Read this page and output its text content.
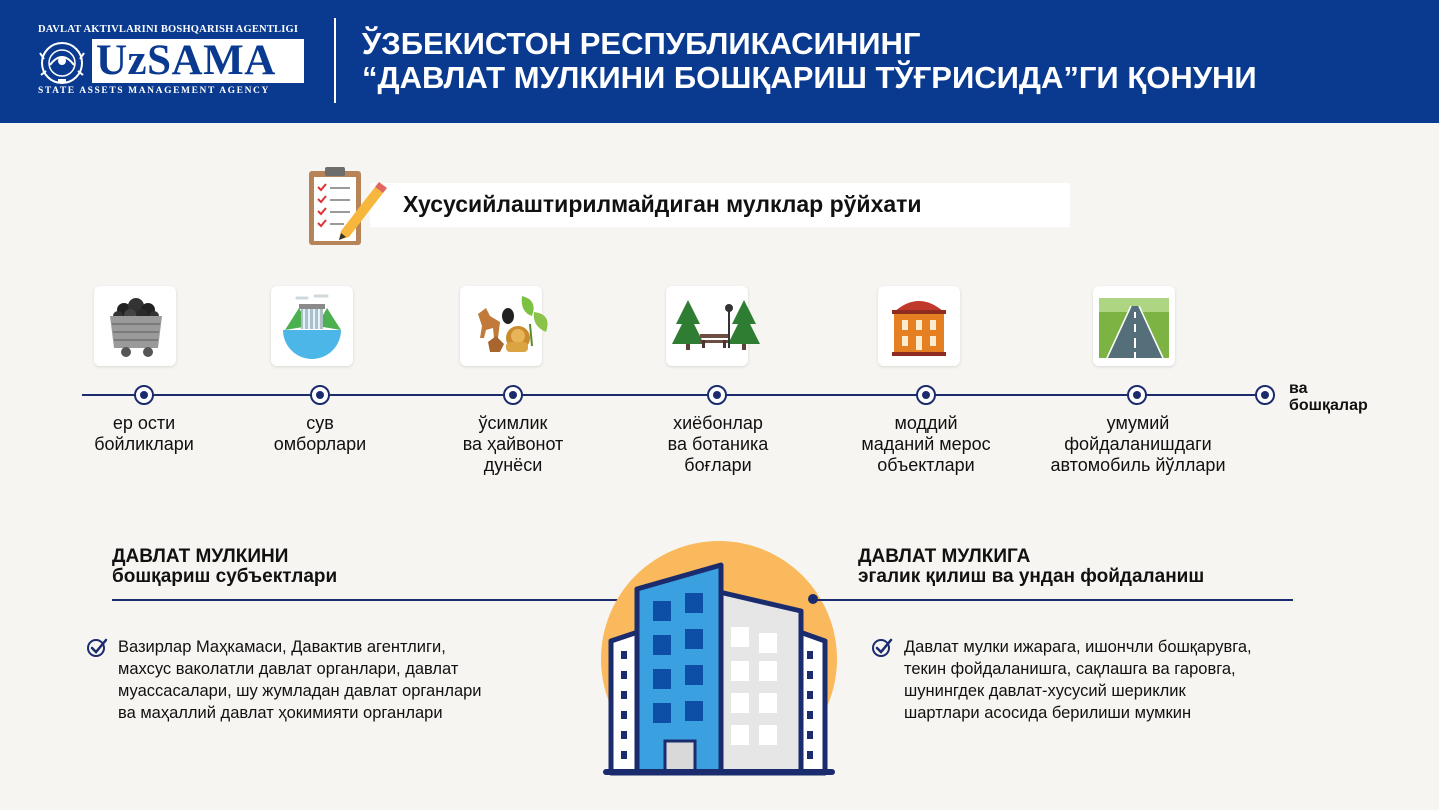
DAVLAT AKTIVLARINI BOSHQARISH AGENTLIGI
UzSAMA
STATE ASSETS MANAGEMENT AGENCY
ЎЗБЕКИСТОН РЕСПУБЛИКАСИНИНГ
“ДАВЛАТ МУЛКИНИ БОШҚАРИШ ТЎҒРИСИДА”ГИ ҚОНУНИ
Хусусийлаштирилмайдиган мулклар рўйхати
ер ости
бойликлари
сув
омборлари
ўсимлик
ва ҳайвонот
дунёси
хиёбонлар
ва ботаника
боғлари
моддий
маданий мерос
объектлари
умумий
фойдаланишдаги
автомобиль йўллари
ва
бошқалар
ДАВЛАТ МУЛКИНИ
бошқариш субъектлари
Вазирлар Маҳкамаси, Давактив агентлиги,
махсус ваколатли давлат органлари, давлат
муассасалари, шу жумладан давлат органлари
ва маҳаллий давлат ҳокимияти органлари
ДАВЛАТ МУЛКИГА
эгалик қилиш ва ундан фойдаланиш
Давлат мулки ижарага, ишончли бошқарувга,
текин фойдаланишга, сақлашга ва гаровга,
шунингдек давлат-хусусий шериклик
шартлари асосида берилиши мумкин
